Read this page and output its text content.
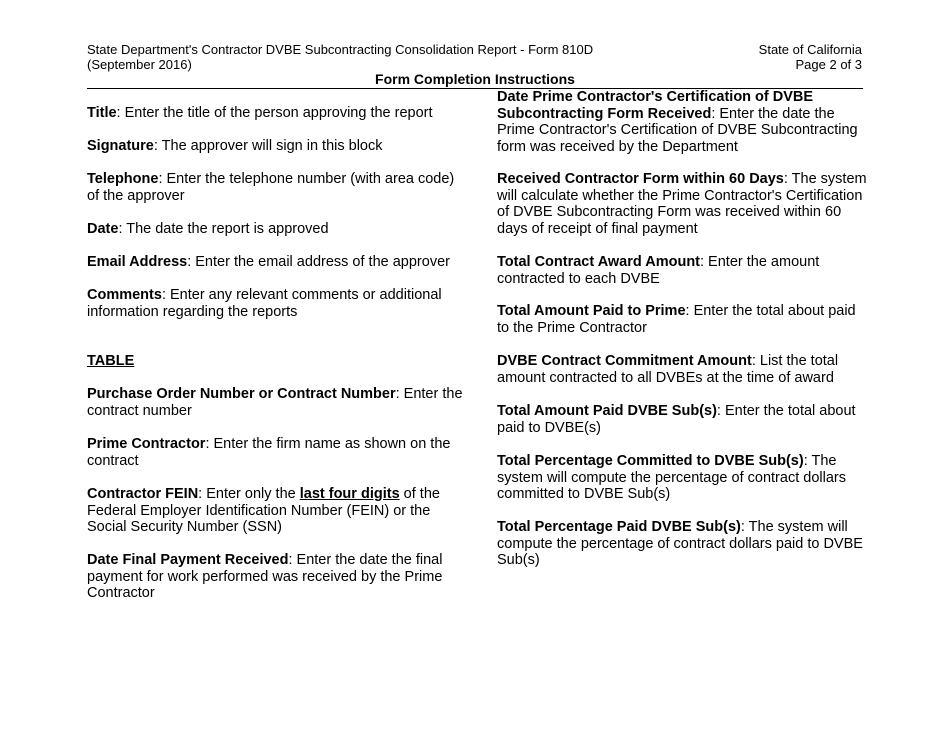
State Department's Contractor DVBE Subcontracting Consolidation Report - Form 810D
(September 2016)
State of California
Page 2 of 3
Form Completion Instructions

Title: Enter the title of the person approving the report

Signature: The approver will sign in this block

Telephone: Enter the telephone number (with area code) of the approver

Date: The date the report is approved

Email Address: Enter the email address of the approver

Comments: Enter any relevant comments or additional information regarding the reports

TABLE

Purchase Order Number or Contract Number: Enter the contract number

Prime Contractor: Enter the firm name as shown on the contract

Contractor FEIN: Enter only the last four digits of the Federal Employer Identification Number (FEIN) or the Social Security Number (SSN)

Date Final Payment Received: Enter the date the final payment for work performed was received by the Prime Contractor

Date Prime Contractor's Certification of DVBE Subcontracting Form Received: Enter the date the Prime Contractor's Certification of DVBE Subcontracting form was received by the Department

Received Contractor Form within 60 Days: The system will calculate whether the Prime Contractor's Certification of DVBE Subcontracting Form was received within 60 days of receipt of final payment

Total Contract Award Amount: Enter the amount contracted to each DVBE

Total Amount Paid to Prime: Enter the total about paid to the Prime Contractor

DVBE Contract Commitment Amount: List the total amount contracted to all DVBEs at the time of award

Total Amount Paid DVBE Sub(s): Enter the total about paid to DVBE(s)

Total Percentage Committed to DVBE Sub(s): The system will compute the percentage of contract dollars committed to DVBE Sub(s)

Total Percentage Paid DVBE Sub(s): The system will compute the percentage of contract dollars paid to DVBE Sub(s)
